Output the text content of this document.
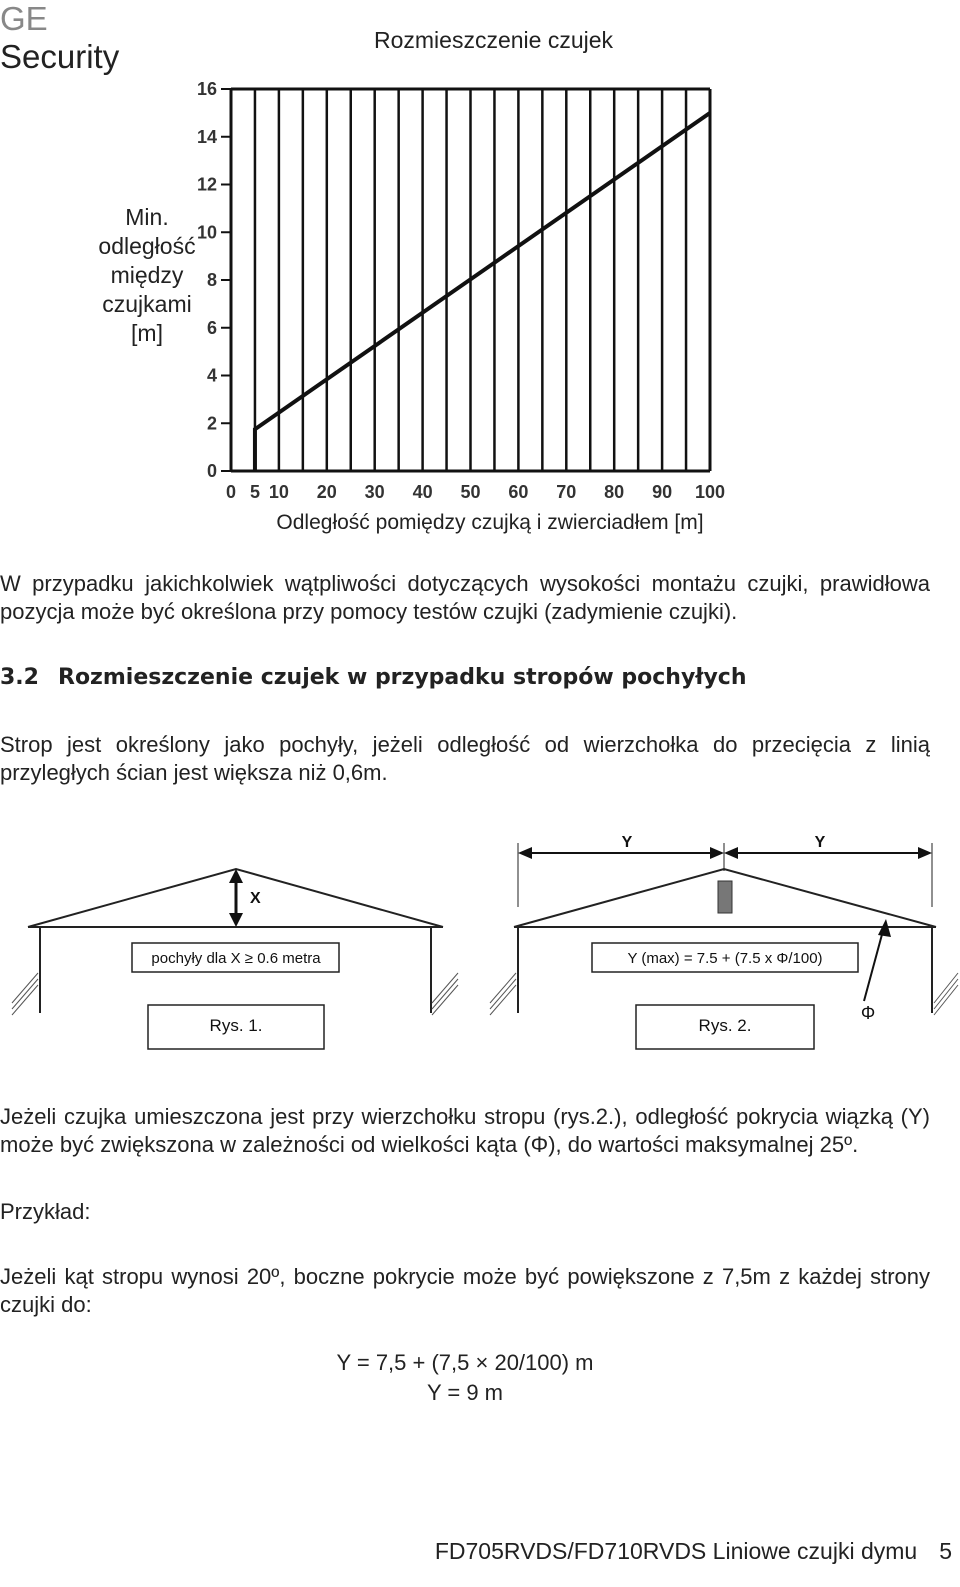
GE
Security	Rozmieszczenie czujek
Min.
odległość
między
czujkami
[m]
0
2
4
6
8
10
12
14
16
0 5 10 20 30 40 50 60 70 80 90 100
Odległość pomiędzy czujką i zwierciadłem [m]
W przypadku jakichkolwiek wątpliwości dotyczących wysokości montażu czujki, prawidłowa pozycja może być określona przy pomocy testów czujki (zadymienie czujki).
3.2 Rozmieszczenie czujek w przypadku stropów pochyłych
Strop jest określony jako pochyły, jeżeli odległość od wierzchołka do przecięcia z linią przyległych ścian jest większa niż 0,6m.
X
pochyły dla X ≥ 0.6 metra
Rys. 1.
Y	Y
Φ
Y (max) = 7.5 + (7.5 x Φ/100)
Rys. 2.
Jeżeli czujka umieszczona jest przy wierzchołku stropu (rys.2.), odległość pokrycia wiązką (Y) może być zwiększona w zależności od wielkości kąta (Φ), do wartości maksymalnej 25º.
Przykład:
Jeżeli kąt stropu wynosi 20º, boczne pokrycie może być powiększone z 7,5m z każdej strony czujki do:
Y = 7,5 + (7,5 × 20/100) m
Y = 9 m
FD705RVDS/FD710RVDS Liniowe czujki dymu 5
